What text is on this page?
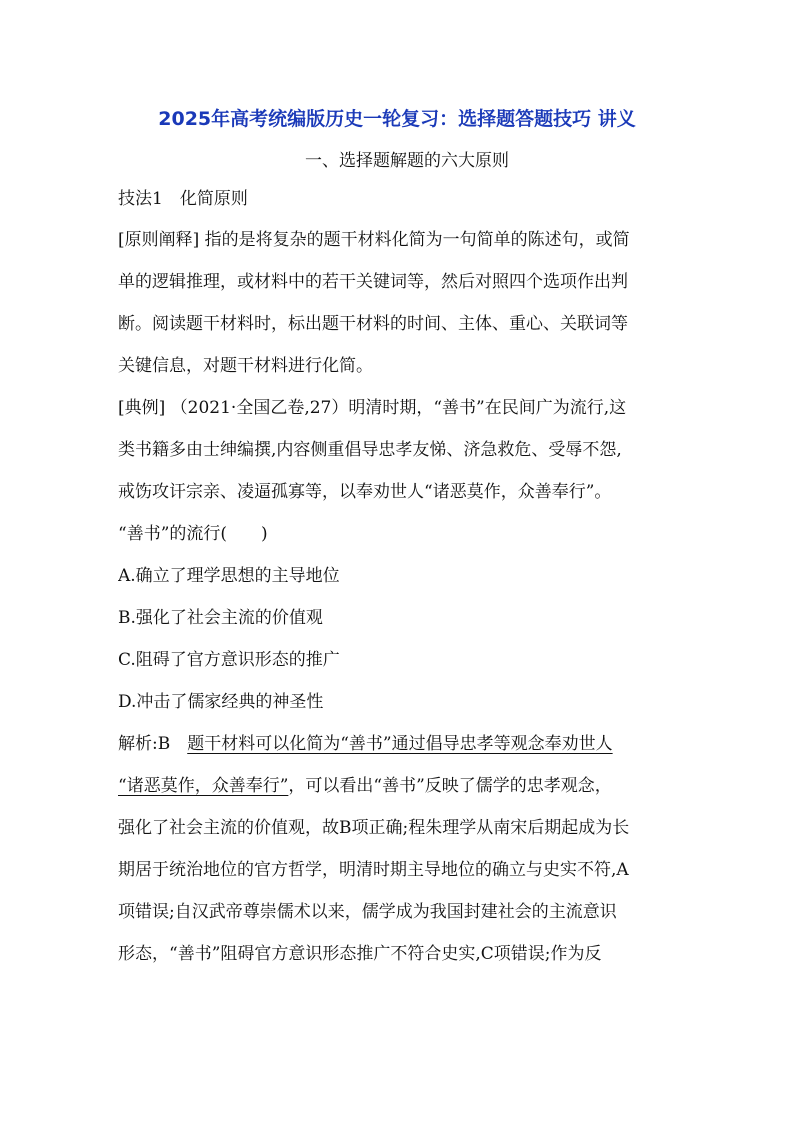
2025年高考统编版历史一轮复习：选择题答题技巧 讲义
一、选择题解题的六大原则
技法1　化简原则
[原则阐释] 指的是将复杂的题干材料化简为一句简单的陈述句，或简
单的逻辑推理，或材料中的若干关键词等，然后对照四个选项作出判
断。阅读题干材料时，标出题干材料的时间、主体、重心、关联词等
关键信息，对题干材料进行化简。
[典例] （2021·全国乙卷,27）明清时期，“善书”在民间广为流行,这
类书籍多由士绅编撰,内容侧重倡导忠孝友悌、济急救危、受辱不怨,
戒饬攻讦宗亲、凌逼孤寡等，以奉劝世人“诸恶莫作，众善奉行”。
“善书”的流行(　　)
A.确立了理学思想的主导地位
B.强化了社会主流的价值观
C.阻碍了官方意识形态的推广
D.冲击了儒家经典的神圣性
解析:B　题干材料可以化简为“善书”通过倡导忠孝等观念奉劝世人
“诸恶莫作，众善奉行”，可以看出“善书”反映了儒学的忠孝观念，
强化了社会主流的价值观，故B项正确;程朱理学从南宋后期起成为长
期居于统治地位的官方哲学，明清时期主导地位的确立与史实不符,A
项错误;自汉武帝尊崇儒术以来，儒学成为我国封建社会的主流意识
形态，“善书”阻碍官方意识形态推广不符合史实,C项错误;作为反
